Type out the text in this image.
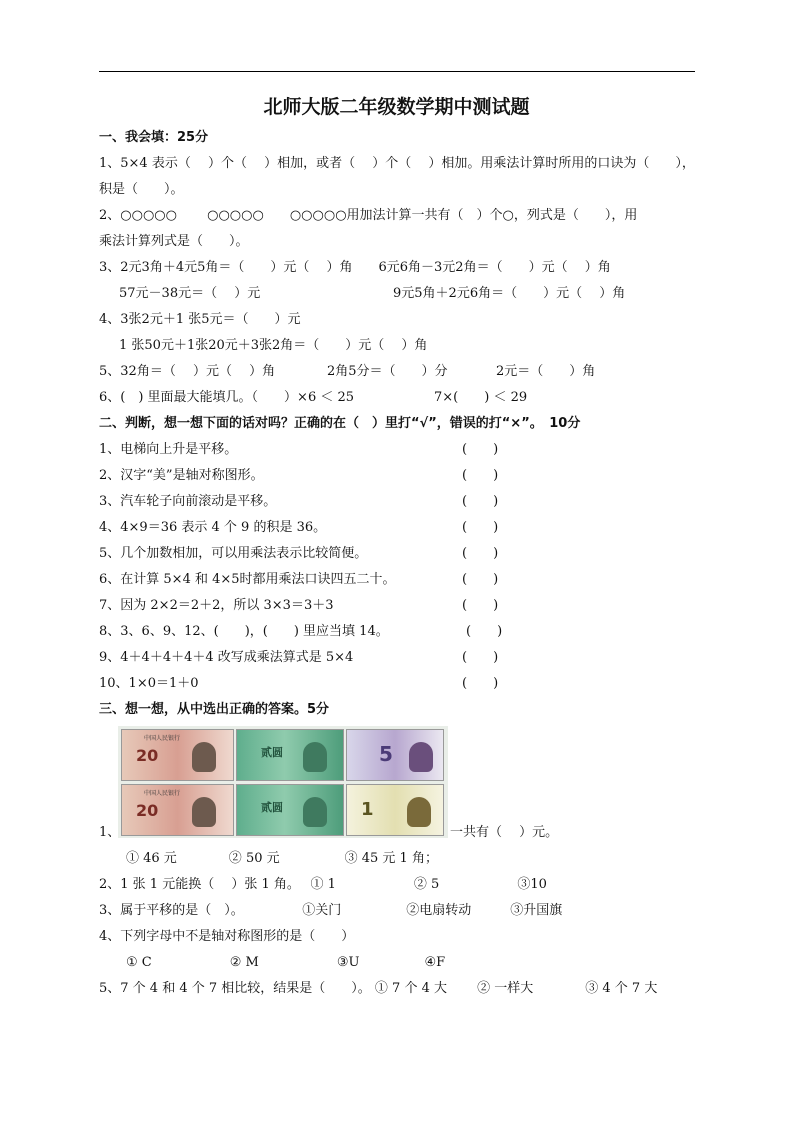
北师大版二年级数学期中测试题
一、我会填：25分
1、5×4 表示（　 ）个（　 ）相加，或者（　 ）个（　 ）相加。用乘法计算时所用的口诀为（　　），
积是（　　）。
2、○○○○○　　 ○○○○○　　○○○○○用加法计算一共有（　）个○，列式是（　　），用
乘法计算列式是（　　）。
3、2元3角＋4元5角＝（　　）元（　 ）角　　6元6角－3元2角＝（　　）元（　 ）角
57元－38元＝（　 ）元	9元5角＋2元6角＝（　　）元（　 ）角
4、3张2元＋1 张5元＝（　　）元
1 张50元＋1张20元＋3张2角＝（　　）元（　 ）角
5、32角＝（　 ）元（　 ）角	2角5分＝（　　）分	2元＝（　　）角
6、(　) 里面最大能填几。（　　）×6 ＜ 25	7×(　　) ＜ 29
二、判断，想一想下面的话对吗？正确的在（　）里打“√”，错误的打“×”。　10分
1、电梯向上升是平移。	(　　)
2、汉字“美”是轴对称图形。	(　　)
3、汽车轮子向前滚动是平移。	(　　)
4、4×9＝36 表示 4 个 9 的积是 36。	(　　)
5、几个加数相加，可以用乘法表示比较简便。	(　　)
6、在计算 5×4 和 4×5时都用乘法口诀四五二十。	(　　)
7、因为 2×2＝2＋2，所以 3×3＝3＋3	(　　)
8、3、6、9、12、(　　)，(　　) 里应当填 14。	(　　)
9、4＋4＋4＋4＋4 改写成乘法算式是 5×4	(　　)
10、1×0＝1＋0	(　　)
三、想一想，从中选出正确的答案。5分
中国人民银行
20	贰圆	5
中国人民银行
20	贰圆	1
1、	一共有（　 ）元。
① 46 元　　　　② 50 元　　　　　③ 45 元 1 角；
2、1 张 1 元能换（　 ）张 1 角。　 ① 1　　　　　　② 5　　　　　　③10
3、属于平移的是（　）。　　　　　①关门　　　　　②电扇转动　　　③升国旗
4、下列字母中不是轴对称图形的是（　　）
① C　　　　　　② M　　　　　　③U　　　　　④F
5、7 个 4 和 4 个 7 相比较，结果是（　　）。 ① 7 个 4 大　　 ② 一样大　　　　③ 4 个 7 大
